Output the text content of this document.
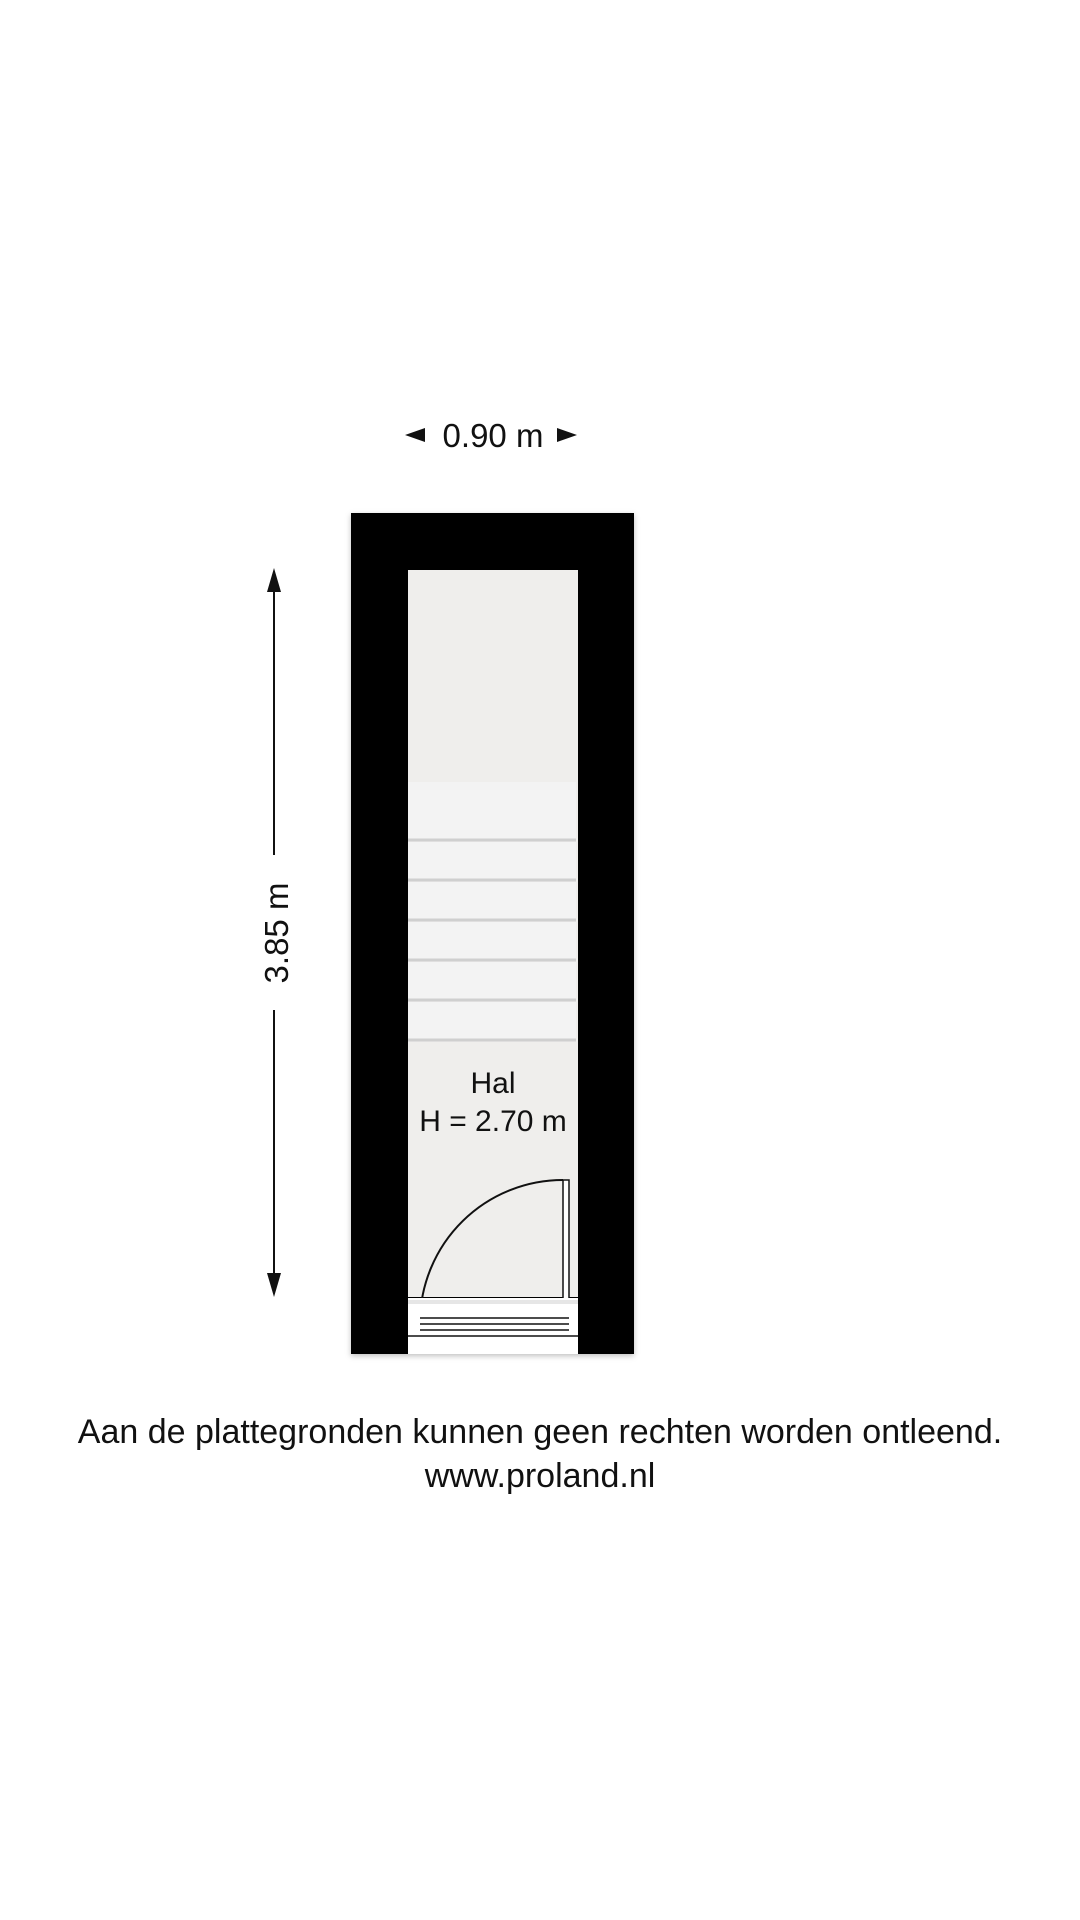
0.90 m
3.85 m
Hal
H = 2.70 m
Aan de plattegronden kunnen geen rechten worden ontleend.
www.proland.nl
